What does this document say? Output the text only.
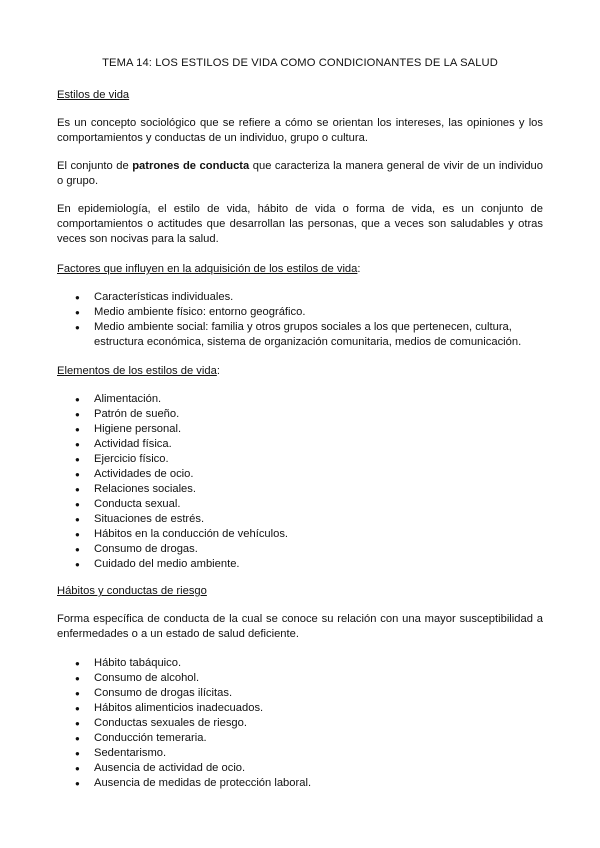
TEMA 14: LOS ESTILOS DE VIDA COMO CONDICIONANTES DE LA SALUD

Estilos de vida

Es un concepto sociológico que se refiere a cómo se orientan los intereses, las opiniones y los comportamientos y conductas de un individuo, grupo o cultura.

El conjunto de patrones de conducta que caracteriza la manera general de vivir de un individuo o grupo.

En epidemiología, el estilo de vida, hábito de vida o forma de vida, es un conjunto de comportamientos o actitudes que desarrollan las personas, que a veces son saludables y otras veces son nocivas para la salud.

Factores que influyen en la adquisición de los estilos de vida:

● Características individuales.
● Medio ambiente físico: entorno geográfico.
● Medio ambiente social: familia y otros grupos sociales a los que pertenecen, cultura, estructura económica, sistema de organización comunitaria, medios de comunicación.

Elementos de los estilos de vida:

● Alimentación.
● Patrón de sueño.
● Higiene personal.
● Actividad física.
● Ejercicio físico.
● Actividades de ocio.
● Relaciones sociales.
● Conducta sexual.
● Situaciones de estrés.
● Hábitos en la conducción de vehículos.
● Consumo de drogas.
● Cuidado del medio ambiente.

Hábitos y conductas de riesgo

Forma específica de conducta de la cual se conoce su relación con una mayor susceptibilidad a enfermedades o a un estado de salud deficiente.

● Hábito tabáquico.
● Consumo de alcohol.
● Consumo de drogas ilícitas.
● Hábitos alimenticios inadecuados.
● Conductas sexuales de riesgo.
● Conducción temeraria.
● Sedentarismo.
● Ausencia de actividad de ocio.
● Ausencia de medidas de protección laboral.
